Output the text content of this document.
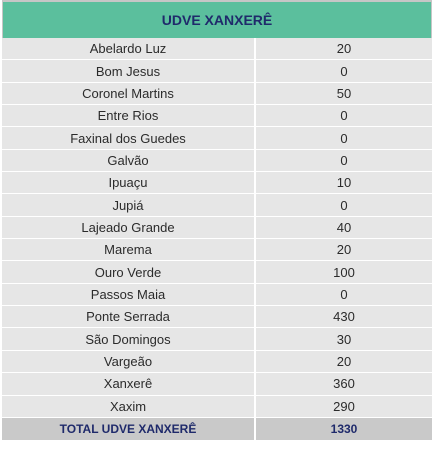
UDVE XANXERÊ
Abelardo Luz	20
Bom Jesus	0
Coronel Martins	50
Entre Rios	0
Faxinal dos Guedes	0
Galvão	0
Ipuaçu	10
Jupiá	0
Lajeado Grande	40
Marema	20
Ouro Verde	100
Passos Maia	0
Ponte Serrada	430
São Domingos	30
Vargeão	20
Xanxerê	360
Xaxim	290
TOTAL UDVE XANXERÊ	1330
